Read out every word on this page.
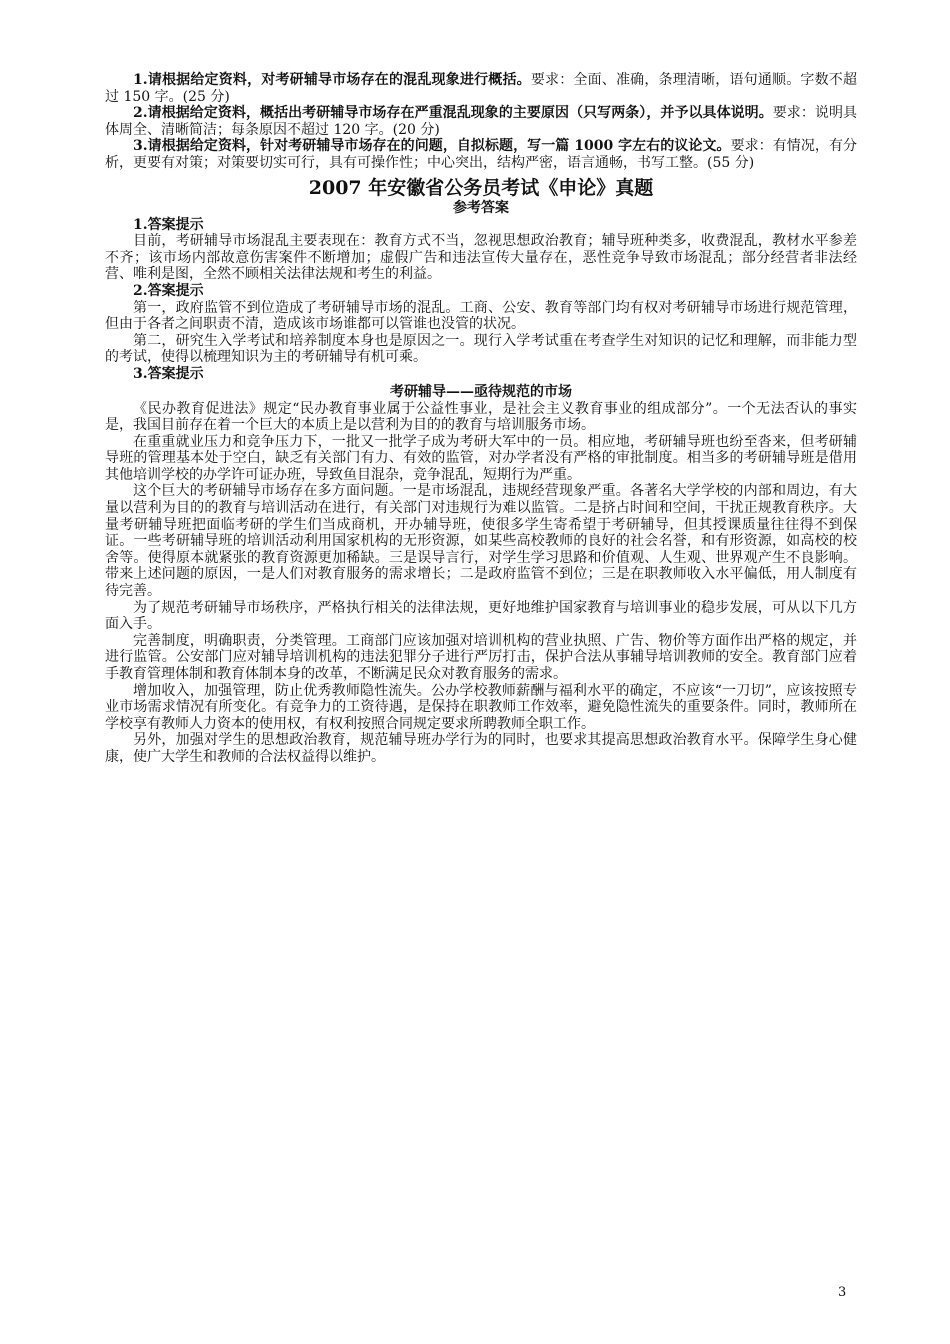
1.请根据给定资料，对考研辅导市场存在的混乱现象进行概括。要求：全面、准确，条理清晰，语句通顺。字数不超过 150 字。(25 分)

2.请根据给定资料，概括出考研辅导市场存在严重混乱现象的主要原因（只写两条），并予以具体说明。要求：说明具体周全、清晰简洁；每条原因不超过 120 字。(20 分)

3.请根据给定资料，针对考研辅导市场存在的问题，自拟标题，写一篇 1000 字左右的议论文。要求：有情况，有分析，更要有对策；对策要切实可行，具有可操作性；中心突出，结构严密，语言通畅，书写工整。(55 分)

2007 年安徽省公务员考试《申论》真题

参考答案

1.答案提示

目前，考研辅导市场混乱主要表现在：教育方式不当，忽视思想政治教育；辅导班种类多，收费混乱，教材水平参差不齐；该市场内部故意伤害案件不断增加；虚假广告和违法宣传大量存在，恶性竞争导致市场混乱；部分经营者非法经营、唯利是图，全然不顾相关法律法规和考生的利益。

2.答案提示

第一，政府监管不到位造成了考研辅导市场的混乱。工商、公安、教育等部门均有权对考研辅导市场进行规范管理，但由于各者之间职责不清，造成该市场谁都可以管谁也没管的状况。

第二，研究生入学考试和培养制度本身也是原因之一。现行入学考试重在考查学生对知识的记忆和理解，而非能力型的考试，使得以梳理知识为主的考研辅导有机可乘。

3.答案提示

考研辅导——亟待规范的市场

《民办教育促进法》规定“民办教育事业属于公益性事业，是社会主义教育事业的组成部分”。一个无法否认的事实是，我国目前存在着一个巨大的本质上是以营利为目的的教育与培训服务市场。

在重重就业压力和竞争压力下，一批又一批学子成为考研大军中的一员。相应地，考研辅导班也纷至沓来，但考研辅导班的管理基本处于空白，缺乏有关部门有力、有效的监管，对办学者没有严格的审批制度。相当多的考研辅导班是借用其他培训学校的办学许可证办班，导致鱼目混杂，竞争混乱，短期行为严重。

这个巨大的考研辅导市场存在多方面问题。一是市场混乱，违规经营现象严重。各著名大学学校的内部和周边，有大量以营利为目的的教育与培训活动在进行，有关部门对违规行为难以监管。二是挤占时间和空间，干扰正规教育秩序。大量考研辅导班把面临考研的学生们当成商机，开办辅导班，使很多学生寄希望于考研辅导，但其授课质量往往得不到保证。一些考研辅导班的培训活动利用国家机构的无形资源，如某些高校教师的良好的社会名誉，和有形资源，如高校的校舍等。使得原本就紧张的教育资源更加稀缺。三是误导言行，对学生学习思路和价值观、人生观、世界观产生不良影响。带来上述问题的原因，一是人们对教育服务的需求增长；二是政府监管不到位；三是在职教师收入水平偏低，用人制度有待完善。

为了规范考研辅导市场秩序，严格执行相关的法律法规，更好地维护国家教育与培训事业的稳步发展，可从以下几方面入手。

完善制度，明确职责，分类管理。工商部门应该加强对培训机构的营业执照、广告、物价等方面作出严格的规定，并进行监管。公安部门应对辅导培训机构的违法犯罪分子进行严厉打击，保护合法从事辅导培训教师的安全。教育部门应着手教育管理体制和教育体制本身的改革，不断满足民众对教育服务的需求。

增加收入，加强管理，防止优秀教师隐性流失。公办学校教师薪酬与福利水平的确定，不应该“一刀切”，应该按照专业市场需求情况有所变化。有竞争力的工资待遇，是保持在职教师工作效率，避免隐性流失的重要条件。同时，教师所在学校享有教师人力资本的使用权，有权利按照合同规定要求所聘教师全职工作。

另外，加强对学生的思想政治教育，规范辅导班办学行为的同时，也要求其提高思想政治教育水平。保障学生身心健康，使广大学生和教师的合法权益得以维护。

3
